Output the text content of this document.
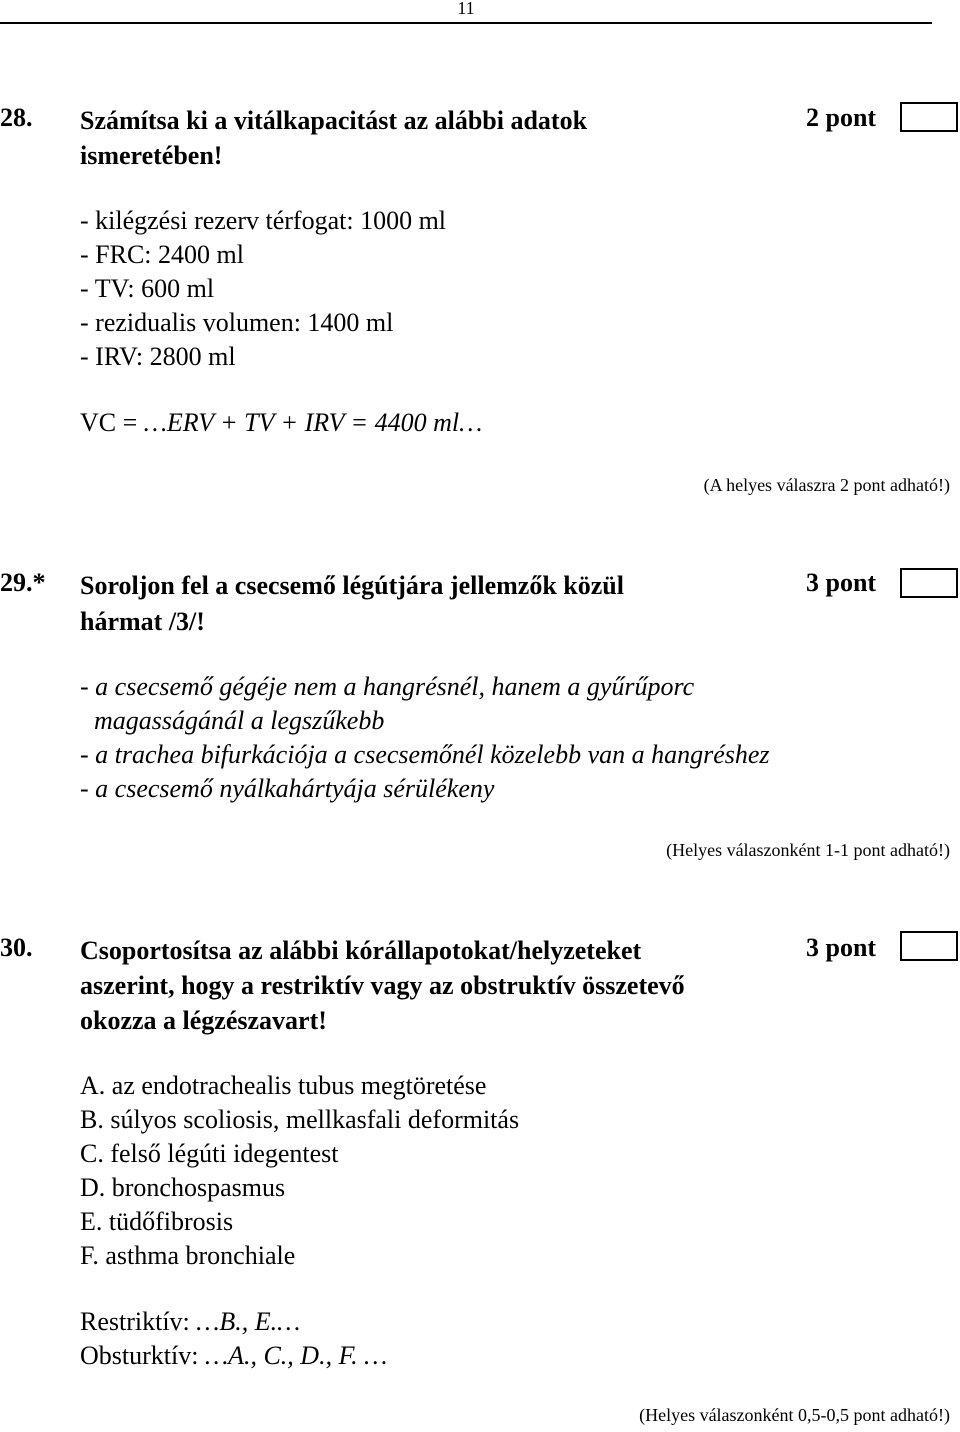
11
28. Számítsa ki a vitálkapacitást az alábbi adatok
ismeretében!
2 pont
- kilégzési rezerv térfogat: 1000 ml
- FRC: 2400 ml
- TV: 600 ml
- rezidualis volumen: 1400 ml
- IRV: 2800 ml
VC = …ERV + TV + IRV = 4400 ml…
(A helyes válaszra 2 pont adható!)
29.* Soroljon fel a csecsemő légútjára jellemzők közül
hármat /3/!
3 pont
- a csecsemő gégéje nem a hangrésnél, hanem a gyűrűporc
magasságánál a legszűkebb
- a trachea bifurkációja a csecsemőnél közelebb van a hangréshez
- a csecsemő nyálkahártyája sérülékeny
(Helyes válaszonként 1-1 pont adható!)
30. Csoportosítsa az alábbi kórállapotokat/helyzeteket
aszerint, hogy a restriktív vagy az obstruktív összetevő
okozza a légzészavart!
3 pont
A. az endotrachealis tubus megtöretése
B. súlyos scoliosis, mellkasfali deformitás
C. felső légúti idegentest
D. bronchospasmus
E. tüdőfibrosis
F. asthma bronchiale
Restriktív: …B., E.…
Obsturktív: …A., C., D., F. …
(Helyes válaszonként 0,5-0,5 pont adható!)
